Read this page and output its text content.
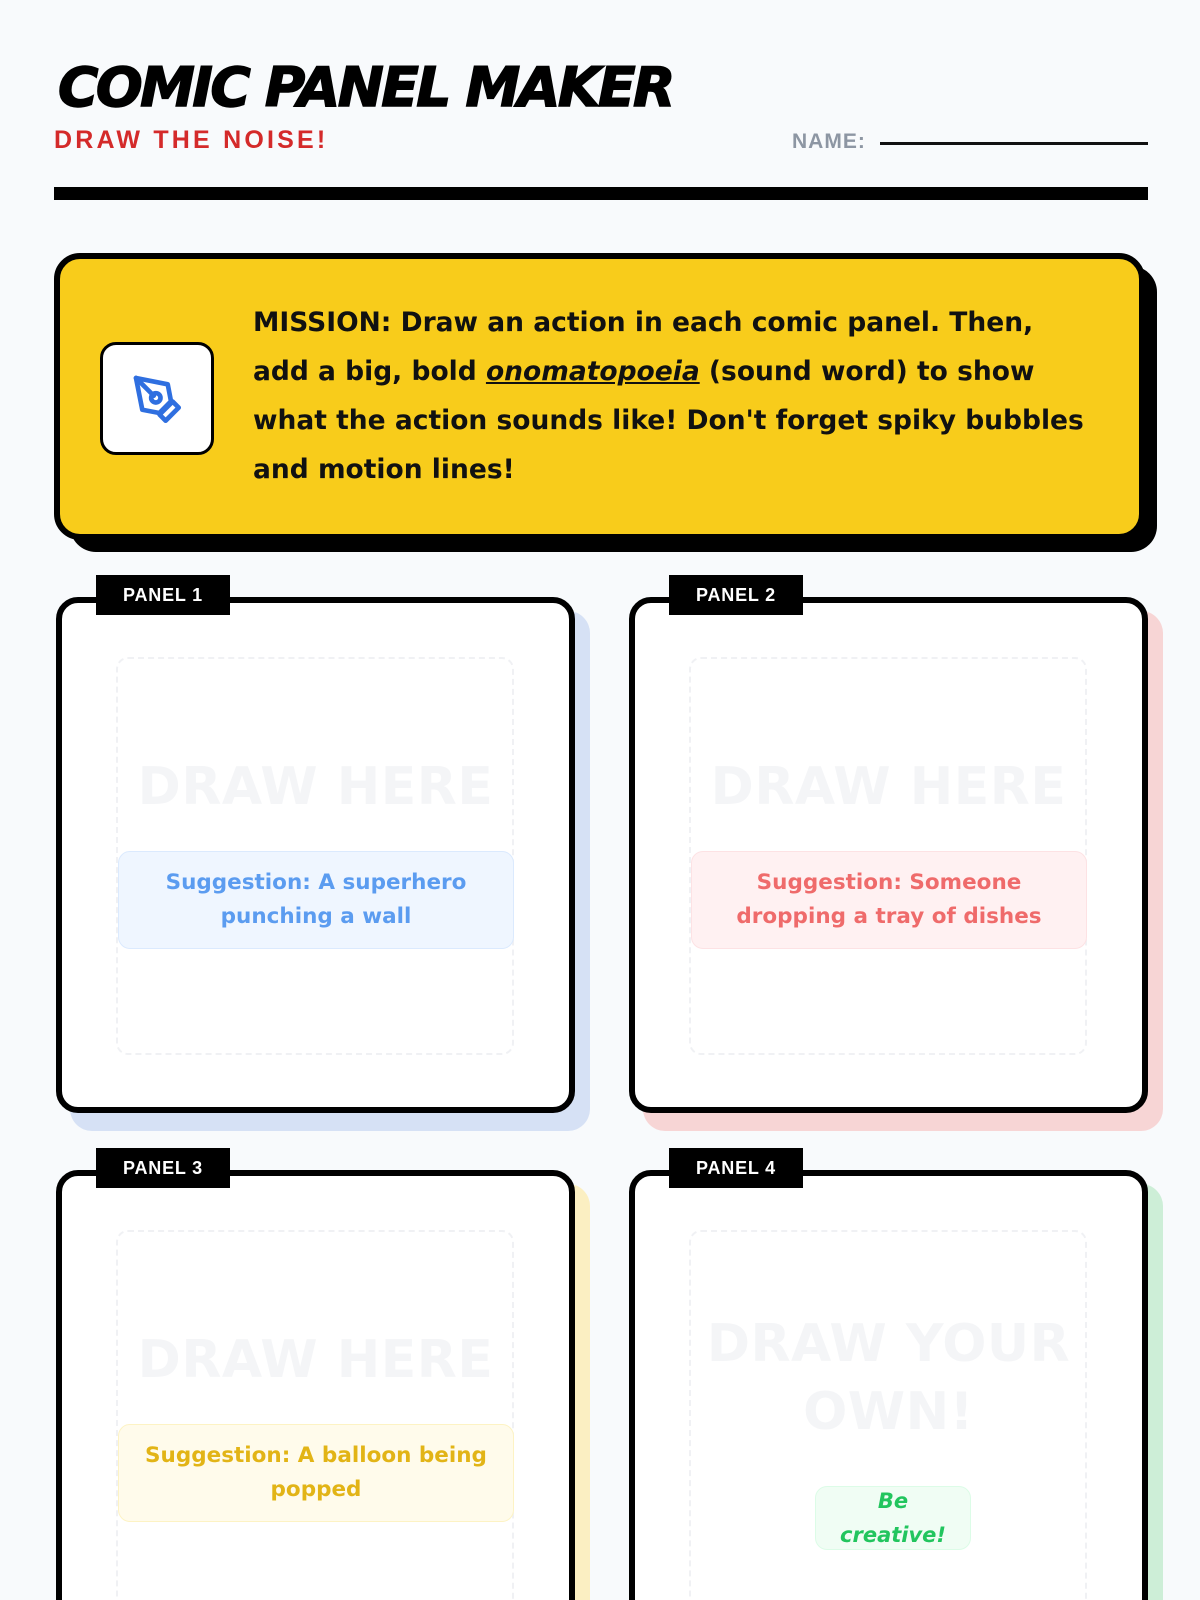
COMIC PANEL MAKER
DRAW THE NOISE!	NAME:

MISSION: Draw an action in each comic panel. Then, add a big, bold onomatopoeia (sound word) to show what the action sounds like! Don't forget spiky bubbles and motion lines!

DRAW HERE
Suggestion: A superhero punching a wall
PANEL 1
DRAW HERE
Suggestion: Someone dropping a tray of dishes
PANEL 2
DRAW HERE
Suggestion: A balloon being popped
PANEL 3
DRAW YOUR OWN!
Be creative!
PANEL 4
